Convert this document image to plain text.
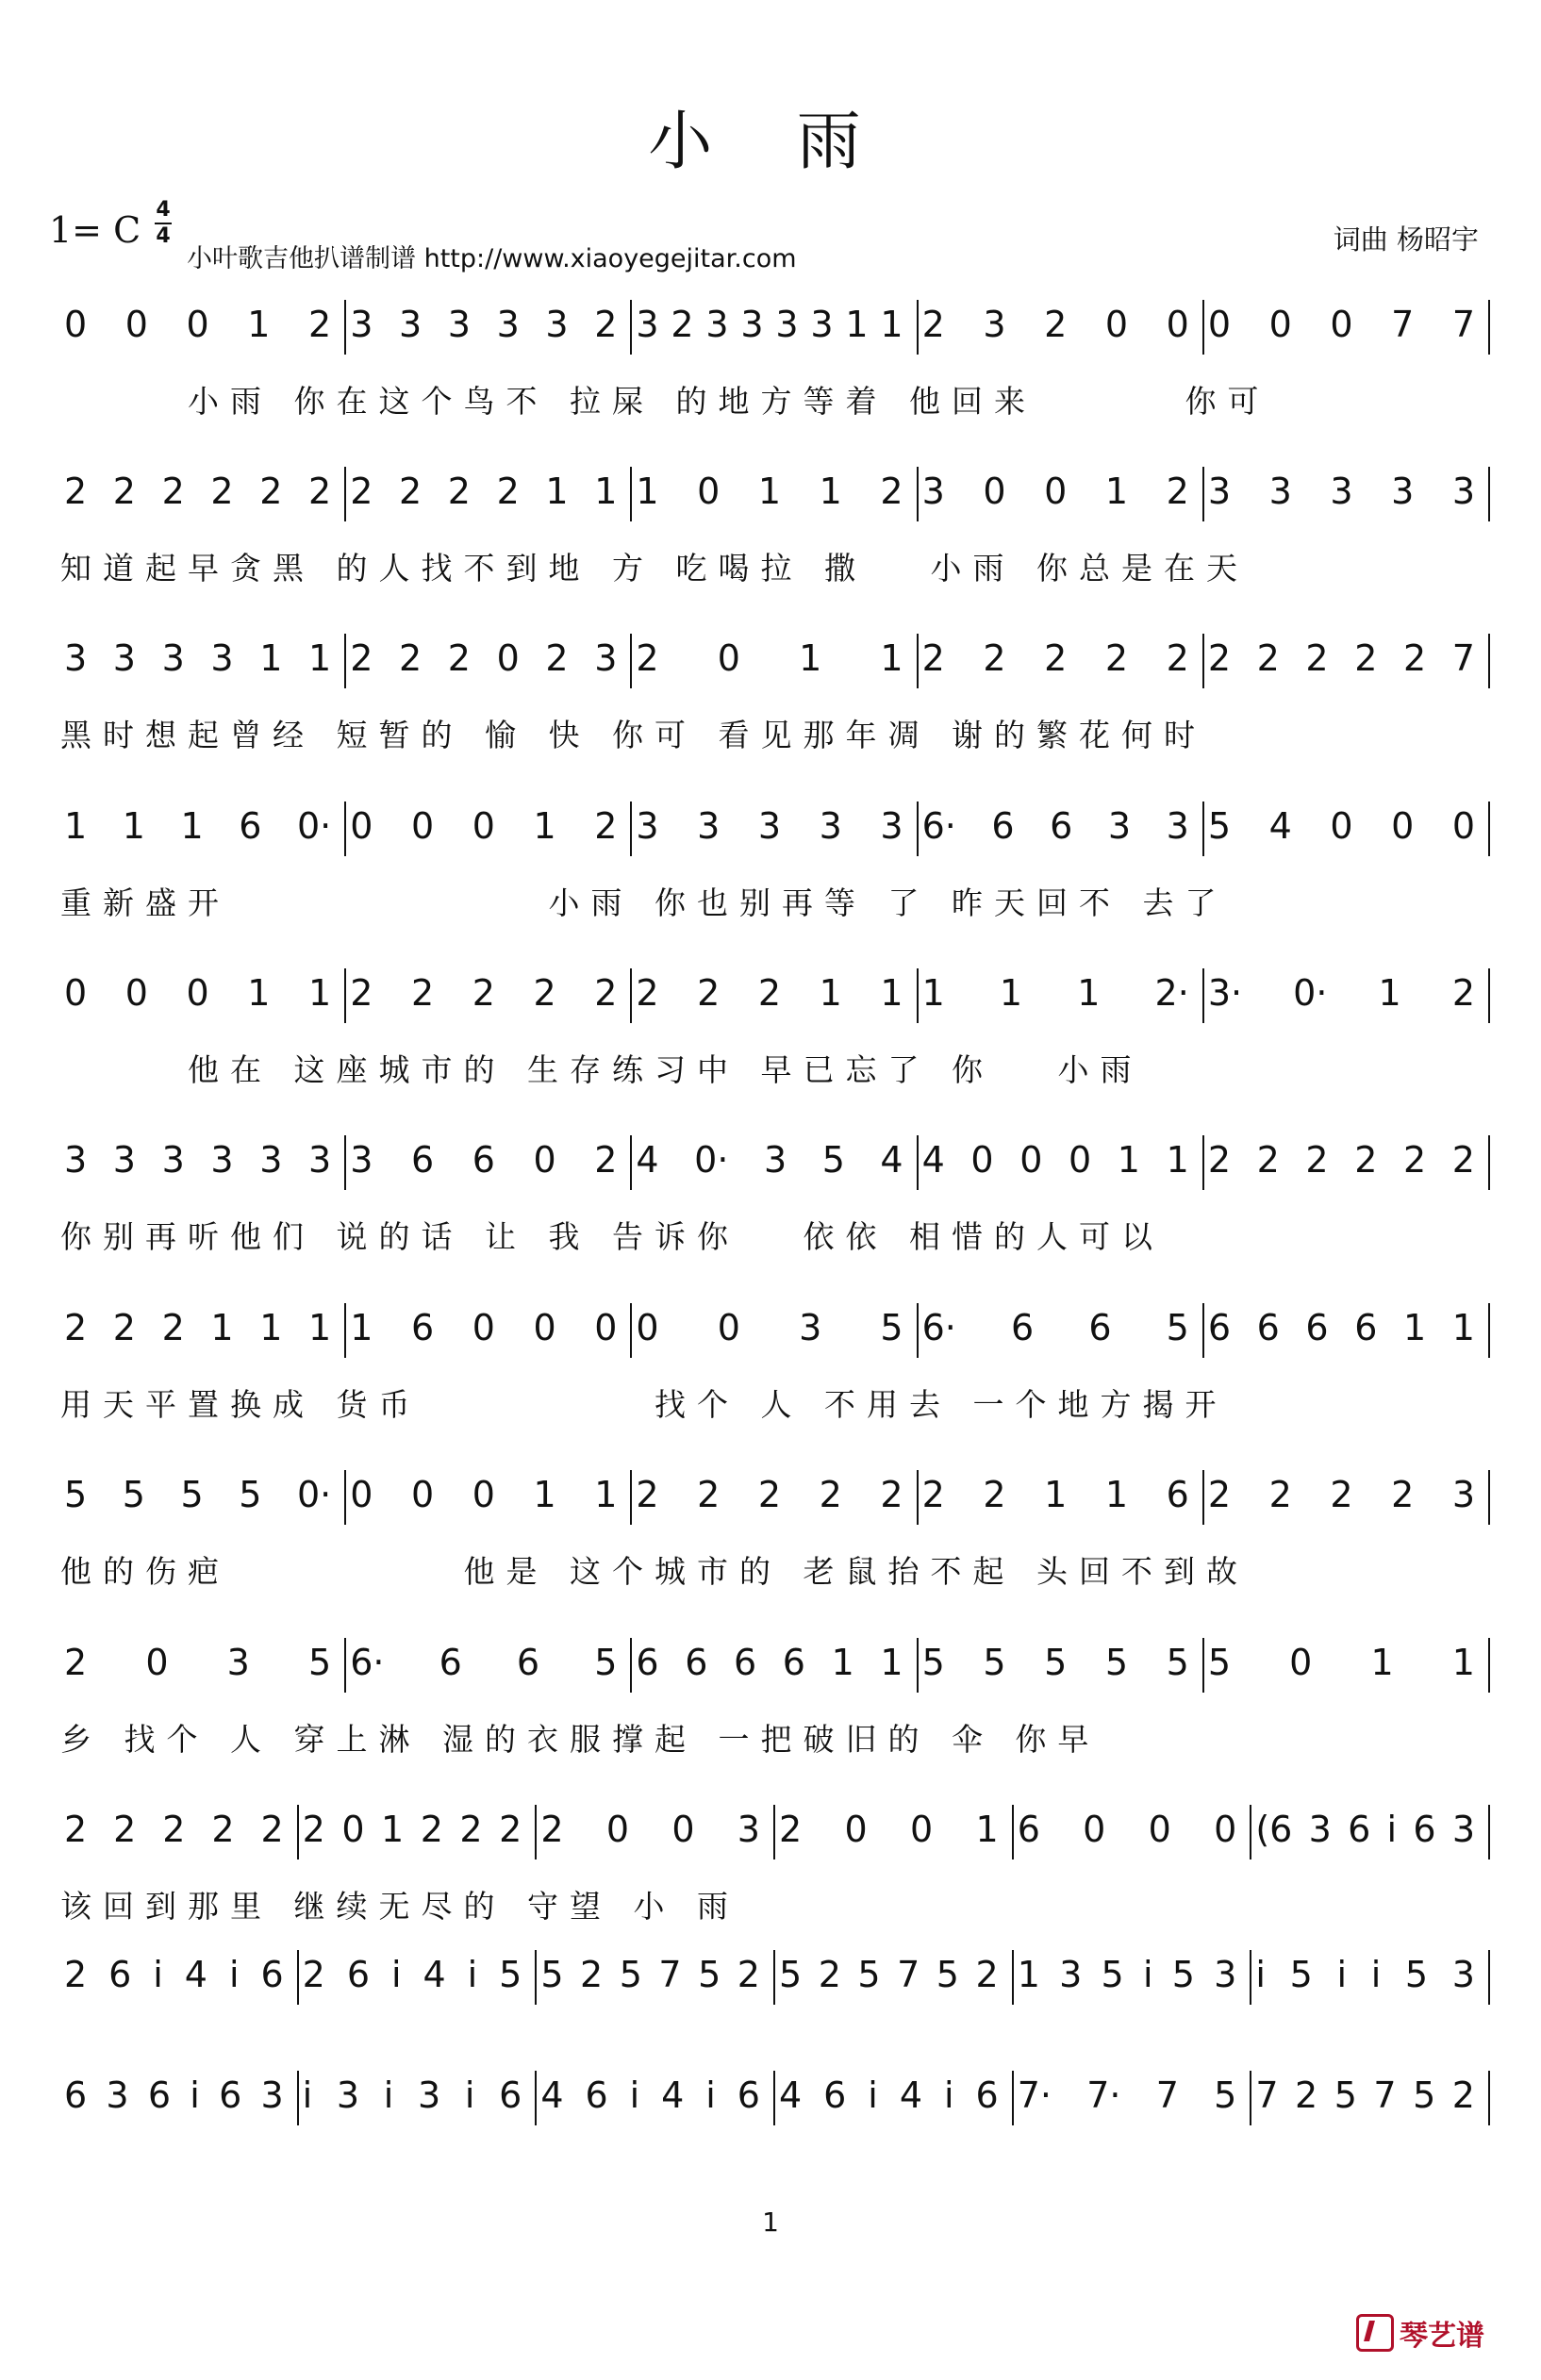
小 雨
1= C 4
4
小叶歌吉他扒谱制谱 http://www.xiaoyegejitar.com
词曲 杨昭宇
0 0 0 1 2 3 3 3 3 3 2 3 2 3 3 3 3 1 1 2 3 2 0 0 0 0 0 7 7
　　　小雨 你在这个鸟不 拉屎 的地方等着 他回来　　　 你可
2 2 2 2 2 2 2 2 2 2 1 1 1 0 1 1 2 3 0 0 1 2 3 3 3 3 3
知道起早贪黑 的人找不到地 方 吃喝拉 撒　 小雨 你总是在天
3 3 3 3 1 1 2 2 2 0 2 3 2 0 1 1 2 2 2 2 2 2 2 2 2 2 7
黑时想起曾经 短暂的 愉 快 你可 看见那年凋 谢的繁花何时
1 1 1 6 0· 0 0 0 1 2 3 3 3 3 3 6· 6 6 3 3 5 4 0 0 0
重新盛开　　　　　　　 小雨 你也别再等 了 昨天回不 去了
0 0 0 1 1 2 2 2 2 2 2 2 2 1 1 1 1 1 2· 3· 0· 1 2
　　　他在 这座城市的 生存练习中 早已忘了 你　 小雨
3 3 3 3 3 3 3 6 6 0 2 4 0· 3 5 4 4 0 0 0 1 1 2 2 2 2 2 2
你别再听他们 说的话 让 我 告诉你　 依依 相惜的人可以
2 2 2 1 1 1 1 6 0 0 0 0 0 3 5 6· 6 6 5 6 6 6 6 1 1
用天平置换成 货币　　　　　 找个 人 不用去 一个地方揭开
5 5 5 5 0· 0 0 0 1 1 2 2 2 2 2 2 2 1 1 6 2 2 2 2 3
他的伤疤　　　　　 他是 这个城市的 老鼠抬不起 头回不到故
2 0 3 5 6· 6 6 5 6 6 6 6 1 1 5 5 5 5 5 5 0 1 1
乡 找个 人 穿上淋 湿的衣服撑起 一把破旧的 伞 你早
2 2 2 2 2 2 0 1 2 2 2 2 0 0 3 2 0 0 1 6 0 0 0 (6 3 6 i 6 3
该回到那里 继续无尽的 守望 小 雨
2 6 i 4 i 6 2 6 i 4 i 5 5 2 5 7 5 2 5 2 5 7 5 2 1 3 5 i 5 3 i 5 i i 5 3
6 3 6 i 6 3 i 3 i 3 i 6 4 6 i 4 i 6 4 6 i 4 i 6 7· 7· 7 5 7 2 5 7 5 2
1
琴艺谱
